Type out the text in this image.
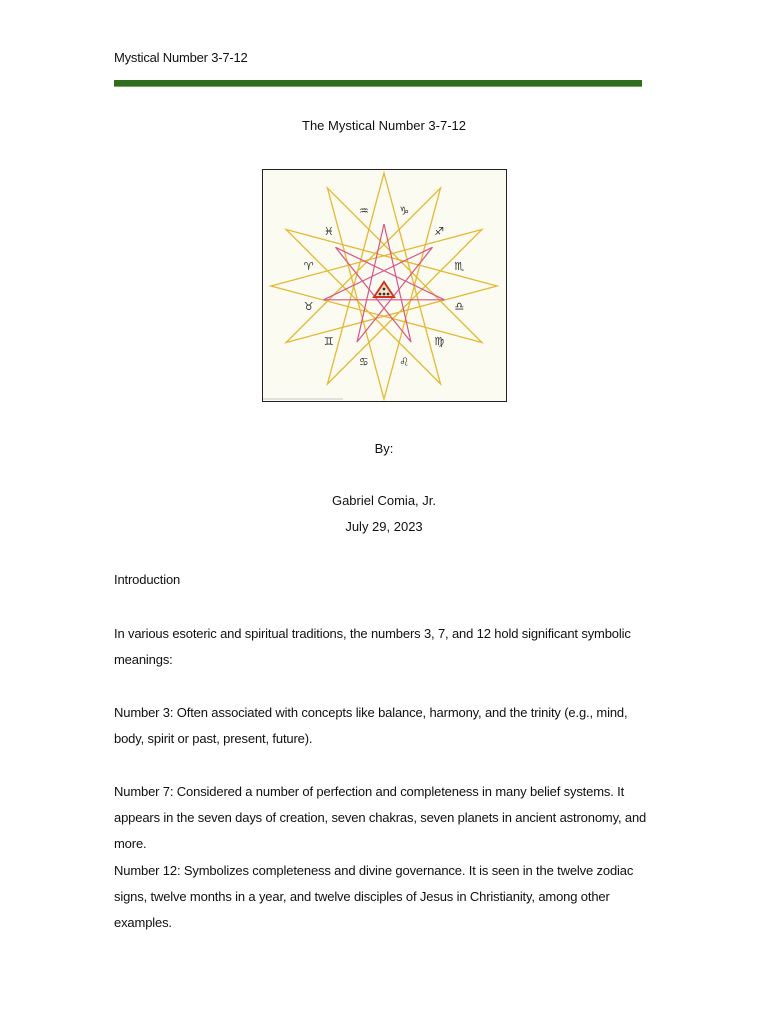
Mystical Number 3-7-12
The Mystical Number 3-7-12
♑
♐
♏
♎
♍
♌
♋
♊
♉
♈
♓
♒
By:
Gabriel Comia, Jr.
July 29, 2023
Introduction
In various esoteric and spiritual traditions, the numbers 3, 7, and 12 hold significant symbolic meanings:
Number 3: Often associated with concepts like balance, harmony, and the trinity (e.g., mind, body, spirit or past, present, future).
Number 7: Considered a number of perfection and completeness in many belief systems. It appears in the seven days of creation, seven chakras, seven planets in ancient astronomy, and more.
Number 12: Symbolizes completeness and divine governance. It is seen in the twelve zodiac signs, twelve months in a year, and twelve disciples of Jesus in Christianity, among other examples.
